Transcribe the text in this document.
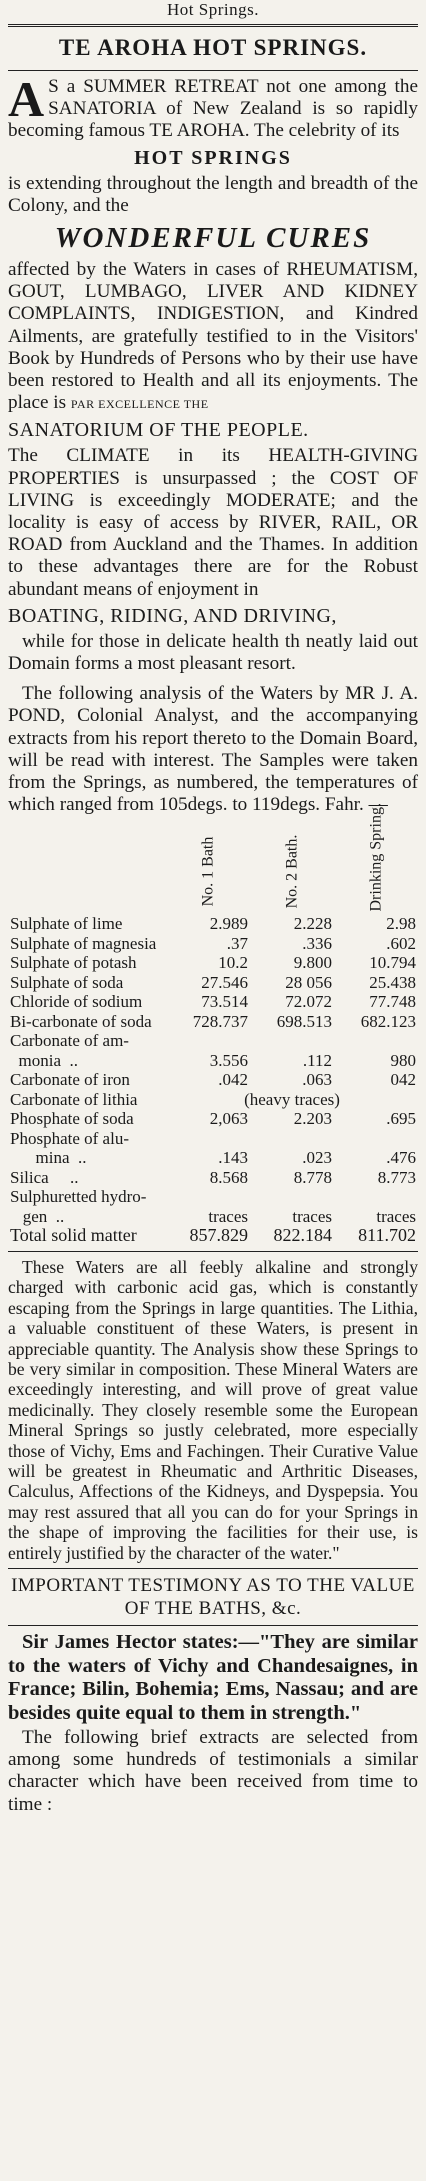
Hot Springs.
TE AROHA HOT SPRINGS.

A S a SUMMER RETREAT not one among the SANATORIA of New Zealand is so rapidly becoming famous TE AROHA. The celebrity of its

HOT SPRINGS

is extending throughout the length and breadth of the Colony, and the

WONDERFUL CURES

affected by the Waters in cases of RHEUMATISM, GOUT, LUMBAGO, LIVER AND KIDNEY COMPLAINTS, INDIGESTION, and Kindred Ailments, are gratefully testified to in the Visitors' Book by Hundreds of Persons who by their use have been restored to Health and all its enjoyments. The place is PAR EXCELLENCE THE

SANATORIUM OF THE PEOPLE.

The CLIMATE in its HEALTH-GIVING PROPERTIES is unsurpassed ; the COST OF LIVING is exceedingly MODERATE; and the locality is easy of access by RIVER, RAIL, OR ROAD from Auckland and the Thames. In addition to these advantages there are for the Robust abundant means of enjoyment in

BOATING, RIDING, AND DRIVING,

while for those in delicate health th neatly laid out Domain forms a most pleasant resort.

The following analysis of the Waters by MR J. A. POND, Colonial Analyst, and the accompanying extracts from his report thereto to the Domain Board, will be read with interest. The Samples were taken from the Springs, as numbered, the temperatures of which ranged from 105degs. to 119degs. Fahr. —

	No. 1 Bath	No. 2 Bath.	Drinking Spring.
Sulphate of lime	2.989	2.228	2.98
Sulphate of magnesia	.37	.336	.602
Sulphate of potash	10.2	9.800	10.794
Sulphate of soda	27.546	28 056	25.438
Chloride of sodium	73.514	72.072	77.748
Bi-carbonate of soda	728.737	698.513	682.123
Carbonate of am-			
monia  ..	3.556	.112	980
Carbonate of iron	.042	.063	042
Carbonate of lithia	(heavy traces)		
Phosphate of soda	2,063	2.203	.695
Phosphate of alu-			
mina  ..	.143	.023	.476
Silica     ..	8.568	8.778	8.773
Sulphuretted hydro-			
gen  ..	traces	traces	traces
Total solid matter	857.829	822.184	811.702

These Waters are all feebly alkaline and strongly charged with carbonic acid gas, which is constantly escaping from the Springs in large quantities. The Lithia, a valuable constituent of these Waters, is present in appreciable quantity. The Analysis show these Springs to be very similar in composition. These Mineral Waters are exceedingly interesting, and will prove of great value medicinally. They closely resemble some the European Mineral Springs so justly celebrated, more especially those of Vichy, Ems and Fachingen. Their Curative Value will be greatest in Rheumatic and Arthritic Diseases, Calculus, Affections of the Kidneys, and Dyspepsia. You may rest assured that all you can do for your Springs in the shape of improving the facilities for their use, is entirely justified by the character of the water."

IMPORTANT TESTIMONY AS TO THE VALUE OF THE BATHS, &c.

Sir James Hector states:—"They are similar to the waters of Vichy and Chandesaignes, in France; Bilin, Bohemia; Ems, Nassau; and are besides quite equal to them in strength."

The following brief extracts are selected from among some hundreds of testimonials a similar character which have been received from time to time :
